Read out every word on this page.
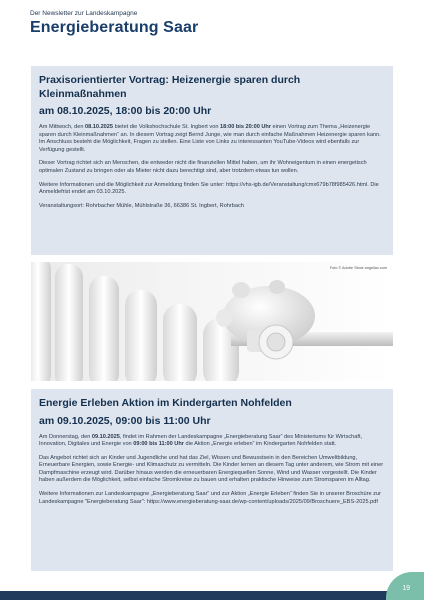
Der Newsletter zur Landeskampagne
Energieberatung Saar
Praxisorientierter Vortrag: Heizenergie sparen durch Kleinmaßnahmen
am 08.10.2025, 18:00 bis 20:00 Uhr

Am Mittwoch, den 08.10.2025 bietet die Volkshochschule St. Ingbert von 18:00 bis 20:00 Uhr einen Vortrag zum Thema „Heizenergie sparen durch Kleinmaßnahmen“ an. In diesem Vortrag zeigt Bernd Junge, wie man durch einfache Maßnahmen Heizenergie sparen kann. Im Anschluss besteht die Möglichkeit, Fragen zu stellen. Eine Liste von Links zu interessanten YouTube-Videos wird ebenfalls zur Verfügung gestellt.

Dieser Vortrag richtet sich an Menschen, die entweder nicht die finanziellen Mittel haben, um ihr Wohneigentum in einen energetisch optimalen Zustand zu bringen oder als Mieter nicht dazu berechtigt sind, aber trotzdem etwas tun wollen.

Weitere Informationen und die Möglichkeit zur Anmeldung finden Sie unter: https://vhs-igb.de/Veranstaltung/cmx679b78f985426.html. Die Anmeldefrist endet am 03.10.2025.

Veranstaltungsort: Rohrbacher Mühle, Mühlstraße 36, 66386 St. Ingbert, Rohrbach

Foto © Adobe Stock angellax.com
Energie Erleben Aktion im Kindergarten Nohfelden
am 09.10.2025, 09:00 bis 11:00 Uhr

Am Donnerstag, den 09.10.2025, findet im Rahmen der Landeskampagne „Energieberatung Saar“ des Ministeriums für Wirtschaft, Innovation, Digitales und Energie von 09:00 bis 11:00 Uhr die Aktion „Energie erleben“ im Kindergarten Nohfelden statt.

Das Angebot richtet sich an Kinder und Jugendliche und hat das Ziel, Wissen und Bewusstsein in den Bereichen Umweltbildung, Erneuerbare Energien, sowie Energie- und Klimaschutz zu vermitteln. Die Kinder lernen an diesem Tag unter anderem, wie Strom mit einer Dampfmaschine erzeugt wird. Darüber hinaus werden die erneuerbaren Energiequellen Sonne, Wind und Wasser vorgestellt. Die Kinder haben außerdem die Möglichkeit, selbst einfache Stromkreise zu bauen und erhalten praktische Hinweise zum Stromsparen im Alltag.

Weitere Informationen zur Landeskampagne „Energieberatung Saar“ und zur Aktion „Energie Erleben“ finden Sie in unserer Broschüre zur Landeskampagne "Energieberatung Saar": https://www.energieberatung-saar.de/wp-content/uploads/2025/09/Broschuere_EBS-2025.pdf

19
